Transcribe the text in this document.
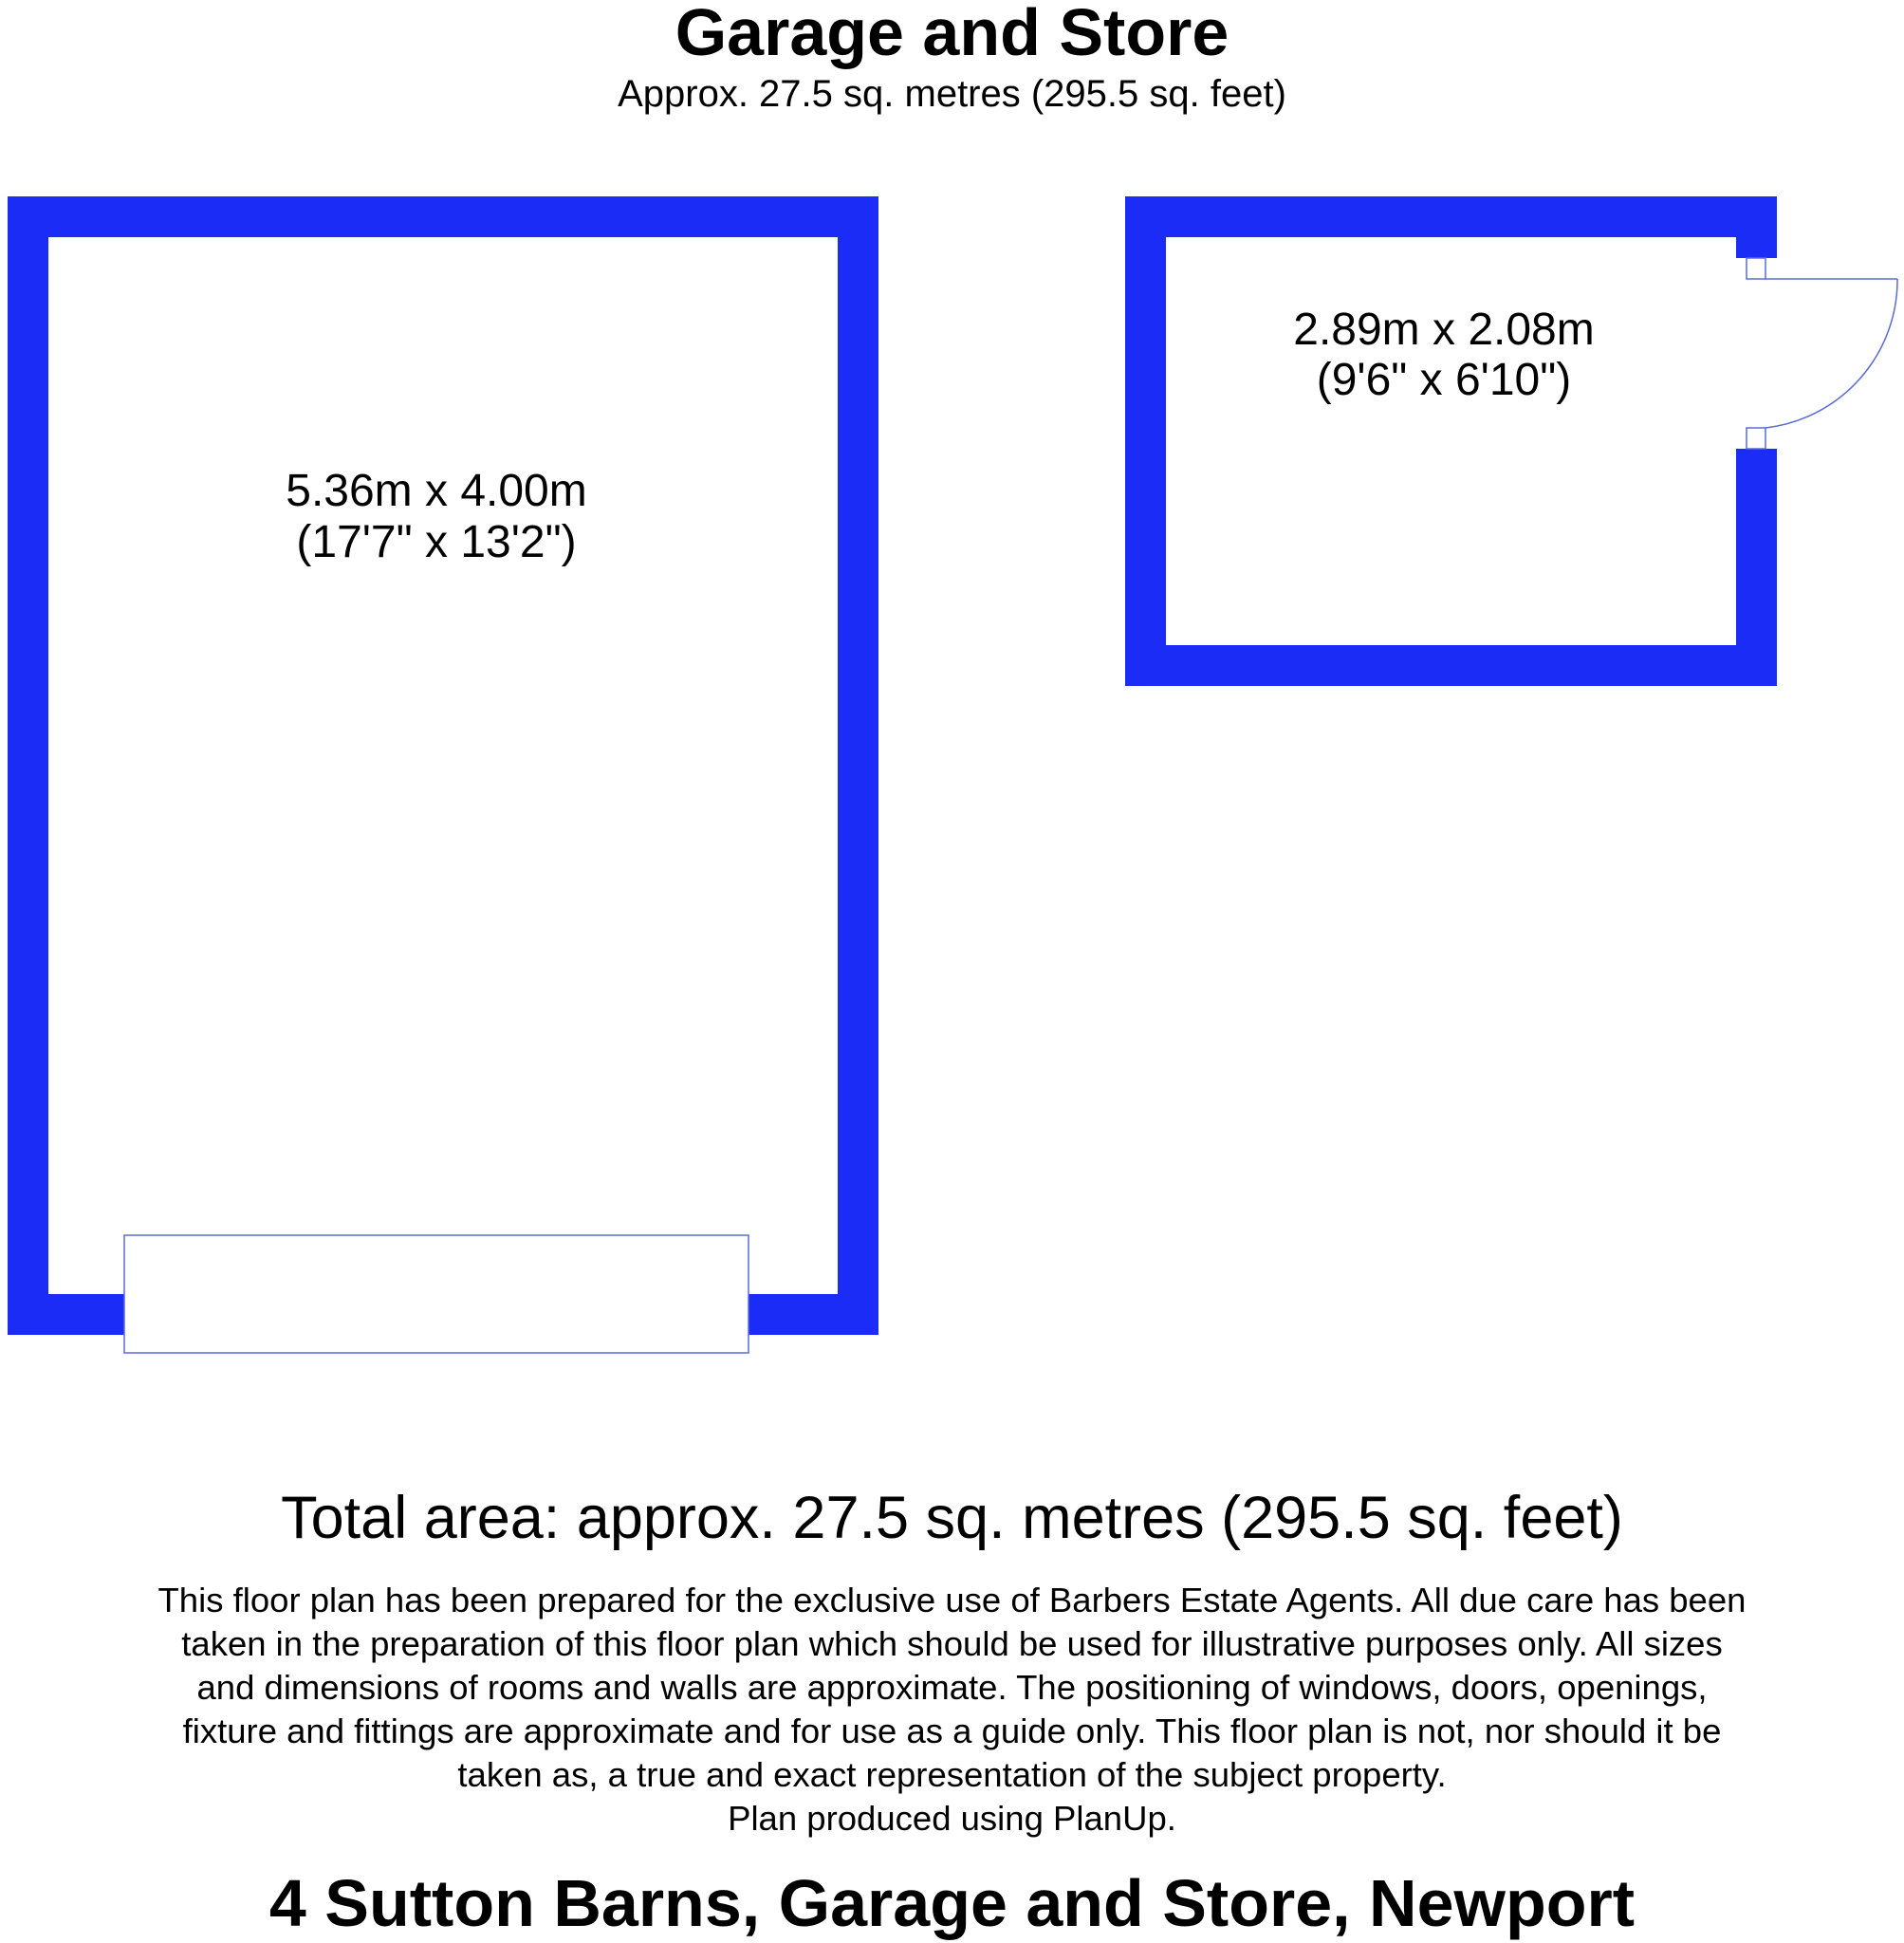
Garage and Store
Approx. 27.5 sq. metres (295.5 sq. feet)
5.36m x 4.00m
(17'7" x 13'2")
2.89m x 2.08m
(9'6" x 6'10")
Total area: approx. 27.5 sq. metres (295.5 sq. feet)
This floor plan has been prepared for the exclusive use of Barbers Estate Agents. All due care has been
taken in the preparation of this floor plan which should be used for illustrative purposes only. All sizes
and dimensions of rooms and walls are approximate. The positioning of windows, doors, openings,
fixture and fittings are approximate and for use as a guide only. This floor plan is not, nor should it be
taken as, a true and exact representation of the subject property.
Plan produced using PlanUp.
4 Sutton Barns, Garage and Store, Newport
